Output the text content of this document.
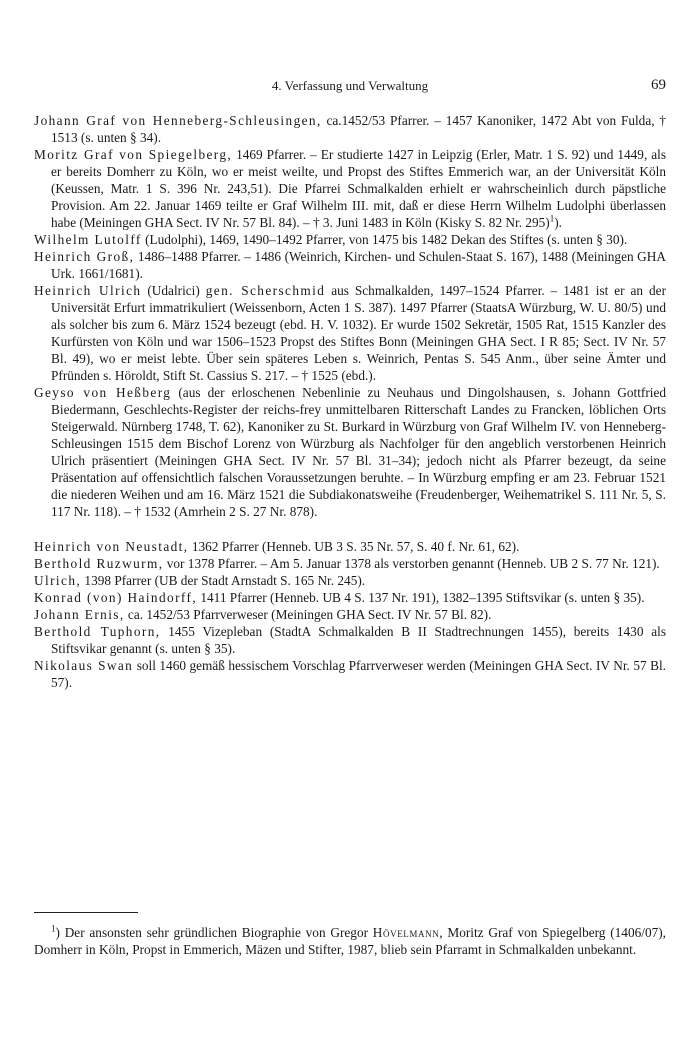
4. Verfassung und Verwaltung	69

Johann Graf von Henneberg-Schleusingen, ca.1452/53 Pfarrer. – 1457 Kanoniker, 1472 Abt von Fulda, † 1513 (s. unten § 34).

Moritz Graf von Spiegelberg, 1469 Pfarrer. – Er studierte 1427 in Leipzig (Erler, Matr. 1 S. 92) und 1449, als er bereits Domherr zu Köln, wo er meist weilte, und Propst des Stiftes Emmerich war, an der Universität Köln (Keussen, Matr. 1 S. 396 Nr. 243,51). Die Pfarrei Schmalkalden erhielt er wahrscheinlich durch päpstliche Provision. Am 22. Januar 1469 teilte er Graf Wilhelm III. mit, daß er diese Herrn Wilhelm Ludolphi überlassen habe (Meiningen GHA Sect. IV Nr. 57 Bl. 84). – † 3. Juni 1483 in Köln (Kisky S. 82 Nr. 295)$^1$).

Wilhelm Lutolff (Ludolphi), 1469, 1490–1492 Pfarrer, von 1475 bis 1482 Dekan des Stiftes (s. unten § 30).

Heinrich Groß, 1486–1488 Pfarrer. – 1486 (Weinrich, Kirchen- und Schulen-Staat S. 167), 1488 (Meiningen GHA Urk. 1661/1681).

Heinrich Ulrich (Udalrici) gen. Scherschmid aus Schmalkalden, 1497–1524 Pfarrer. – 1481 ist er an der Universität Erfurt immatrikuliert (Weissenborn, Acten 1 S. 387). 1497 Pfarrer (StaatsA Würzburg, W. U. 80/5) und als solcher bis zum 6. März 1524 bezeugt (ebd. H. V. 1032). Er wurde 1502 Sekretär, 1505 Rat, 1515 Kanzler des Kurfürsten von Köln und war 1506–1523 Propst des Stiftes Bonn (Meiningen GHA Sect. I R 85; Sect. IV Nr. 57 Bl. 49), wo er meist lebte. Über sein späteres Leben s. Weinrich, Pentas S. 545 Anm., über seine Ämter und Pfründen s. Höroldt, Stift St. Cassius S. 217. – † 1525 (ebd.).

Geyso von Heßberg (aus der erloschenen Nebenlinie zu Neuhaus und Dingolshausen, s. Johann Gottfried Biedermann, Geschlechts-Register der reichs-frey unmittelbaren Ritterschaft Landes zu Francken, löblichen Orts Steigerwald. Nürnberg 1748, T. 62), Kanoniker zu St. Burkard in Würzburg von Graf Wilhelm IV. von Henneberg-Schleusingen 1515 dem Bischof Lorenz von Würzburg als Nachfolger für den angeblich verstorbenen Heinrich Ulrich präsentiert (Meiningen GHA Sect. IV Nr. 57 Bl. 31–34); jedoch nicht als Pfarrer bezeugt, da seine Präsentation auf offensichtlich falschen Voraussetzungen beruhte. – In Würzburg empfing er am 23. Februar 1521 die niederen Weihen und am 16. März 1521 die Subdiakonatsweihe (Freudenberger, Weihematrikel S. 111 Nr. 5, S. 117 Nr. 118). – † 1532 (Amrhein 2 S. 27 Nr. 878).

Heinrich von Neustadt, 1362 Pfarrer (Henneb. UB 3 S. 35 Nr. 57, S. 40 f. Nr. 61, 62).

Berthold Ruzwurm, vor 1378 Pfarrer. – Am 5. Januar 1378 als verstorben genannt (Henneb. UB 2 S. 77 Nr. 121).

Ulrich, 1398 Pfarrer (UB der Stadt Arnstadt S. 165 Nr. 245).

Konrad (von) Haindorff, 1411 Pfarrer (Henneb. UB 4 S. 137 Nr. 191), 1382–1395 Stiftsvikar (s. unten § 35).

Johann Ernis, ca. 1452/53 Pfarrverweser (Meiningen GHA Sect. IV Nr. 57 Bl. 82).

Berthold Tuphorn, 1455 Vizepleban (StadtA Schmalkalden B II Stadtrechnungen 1455), bereits 1430 als Stiftsvikar genannt (s. unten § 35).

Nikolaus Swan soll 1460 gemäß hessischem Vorschlag Pfarrverweser werden (Meiningen GHA Sect. IV Nr. 57 Bl. 57).

$^1$) Der ansonsten sehr gründlichen Biographie von Gregor Hövelmann, Moritz Graf von Spiegelberg (1406/07), Domherr in Köln, Propst in Emmerich, Mäzen und Stifter, 1987, blieb sein Pfarramt in Schmalkalden unbekannt.
